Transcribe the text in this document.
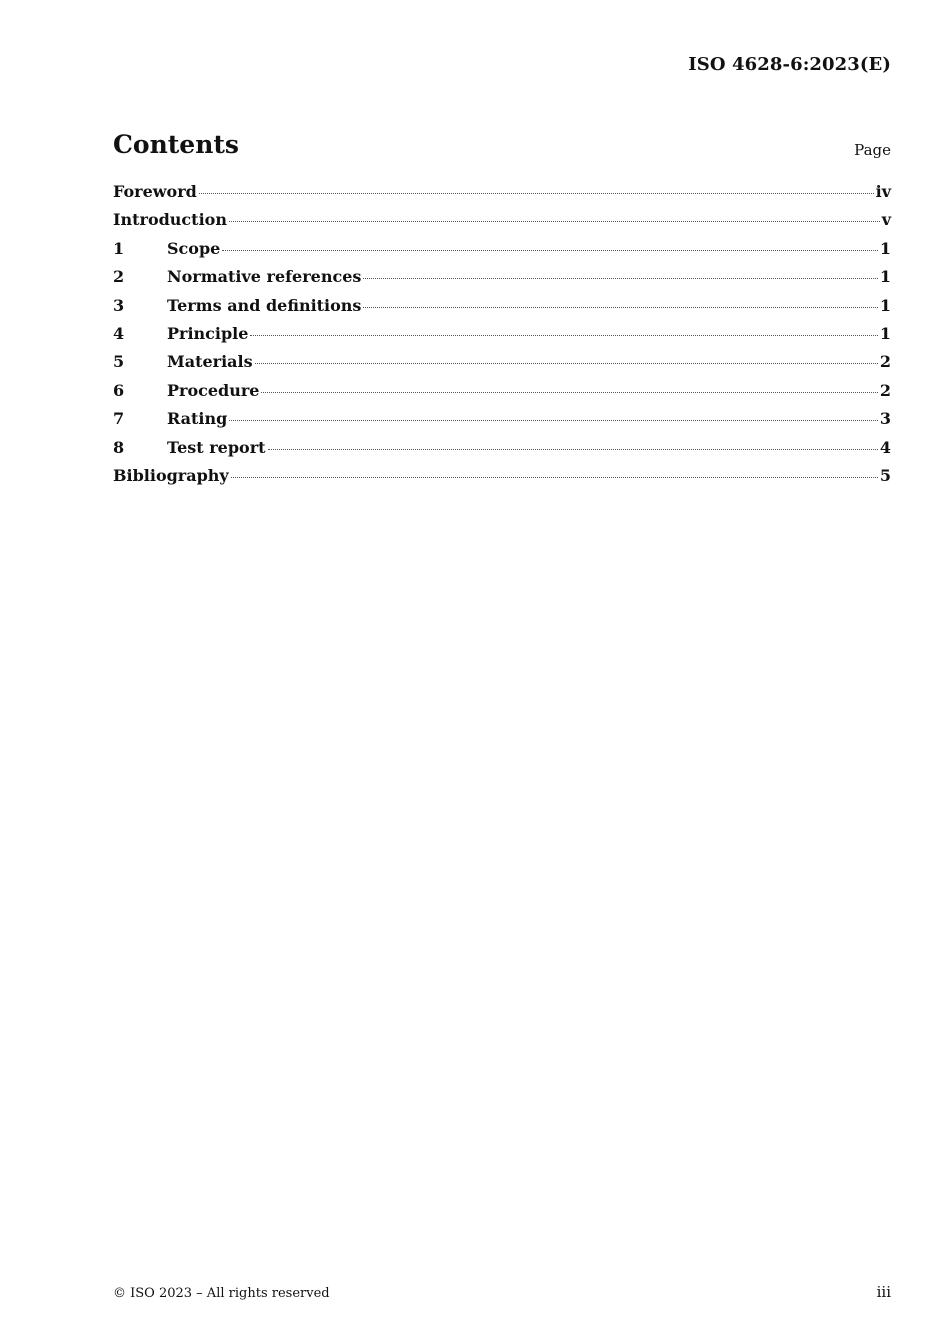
ISO 4628-6:2023(E)
Contents	Page
Foreword	iv
Introduction	v
1	Scope	1
2	Normative references	1
3	Terms and definitions	1
4	Principle	1
5	Materials	2
6	Procedure	2
7	Rating	3
8	Test report	4
Bibliography	5
© ISO 2023 – All rights reserved	iii
